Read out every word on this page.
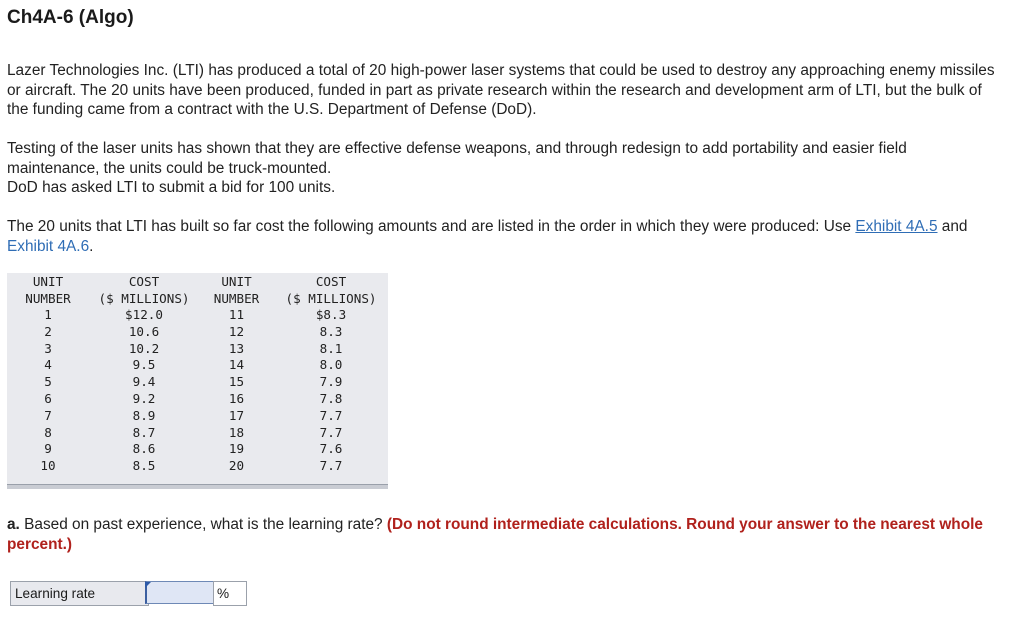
Ch4A-6 (Algo)

Lazer Technologies Inc. (LTI) has produced a total of 20 high-power laser systems that could be used to destroy any approaching enemy missiles or aircraft. The 20 units have been produced, funded in part as private research within the research and development arm of LTI, but the bulk of the funding came from a contract with the U.S. Department of Defense (DoD).

Testing of the laser units has shown that they are effective defense weapons, and through redesign to add portability and easier field maintenance, the units could be truck-mounted.
DoD has asked LTI to submit a bid for 100 units.

The 20 units that LTI has built so far cost the following amounts and are listed in the order in which they were produced: Use Exhibit 4A.5 and Exhibit 4A.6.

UNIT	COST	UNIT	COST
NUMBER	($ MILLIONS)	NUMBER	($ MILLIONS)
1	$12.0	11	$8.3
2	10.6	12	8.3
3	10.2	13	8.1
4	9.5	14	8.0
5	9.4	15	7.9
6	9.2	16	7.8
7	8.9	17	7.7
8	8.7	18	7.7
9	8.6	19	7.6
10	8.5	20	7.7

a. Based on past experience, what is the learning rate? (Do not round intermediate calculations. Round your answer to the nearest whole percent.)

Learning rate	%
